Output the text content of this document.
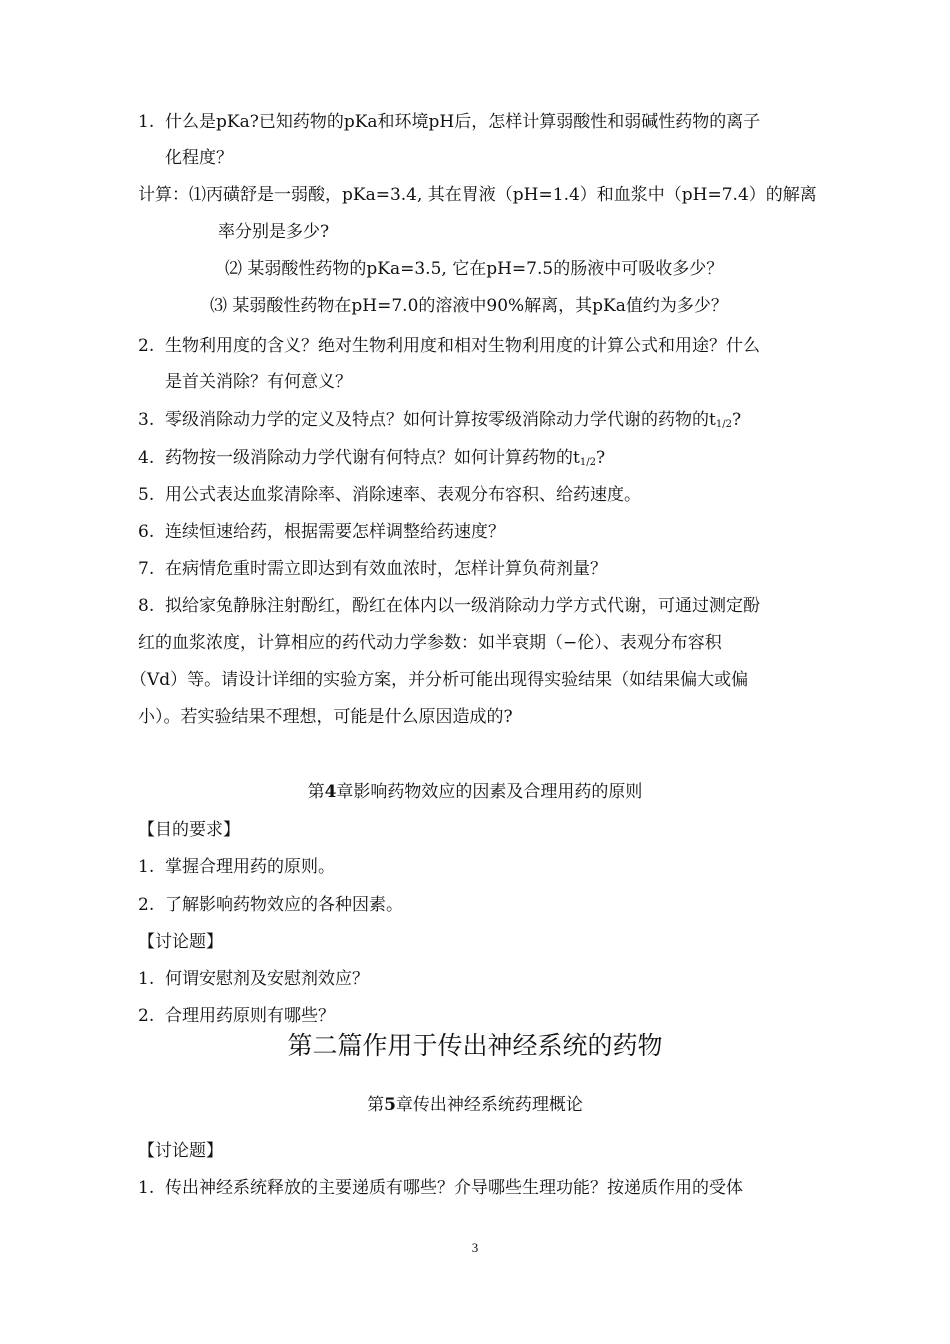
1. 什么是pKa?已知药物的pKa和环境pH后，怎样计算弱酸性和弱碱性药物的离子
化程度？
计算：⑴丙磺舒是一弱酸，pKa=3.4, 其在胃液（pH=1.4）和血浆中（pH=7.4）的解离
率分别是多少?
⑵ 某弱酸性药物的pKa=3.5, 它在pH=7.5的肠液中可吸收多少？
⑶ 某弱酸性药物在pH=7.0的溶液中90%解离，其pKa值约为多少？
2. 生物利用度的含义？绝对生物利用度和相对生物利用度的计算公式和用途？什么
是首关消除？有何意义？
3. 零级消除动力学的定义及特点？如何计算按零级消除动力学代谢的药物的$t_{1/2}$?
4. 药物按一级消除动力学代谢有何特点？如何计算药物的$t_{1/2}$?
5. 用公式表达血浆清除率、消除速率、表观分布容积、给药速度。
6. 连续恒速给药，根据需要怎样调整给药速度？
7. 在病情危重时需立即达到有效血浓时，怎样计算负荷剂量？
8. 拟给家兔静脉注射酚红，酚红在体内以一级消除动力学方式代谢，可通过测定酚
红的血浆浓度，计算相应的药代动力学参数：如半衰期（−伦）、表观分布容积
（Vd）等。请设计详细的实验方案，并分析可能出现得实验结果（如结果偏大或偏
小）。若实验结果不理想，可能是什么原因造成的?
第4章影响药物效应的因素及合理用药的原则
【目的要求】
1. 掌握合理用药的原则。
2. 了解影响药物效应的各种因素。
【讨论题】
1. 何谓安慰剂及安慰剂效应？
2. 合理用药原则有哪些？
第二篇作用于传出神经系统的药物
第5章传出神经系统药理概论
【讨论题】
1. 传出神经系统释放的主要递质有哪些？介导哪些生理功能？按递质作用的受体
3
